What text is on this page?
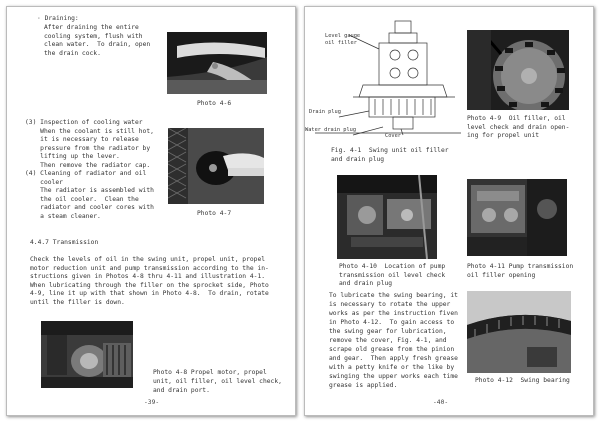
· Draining:
After draining the entire
cooling system, flush with
clean water.  To drain, open
the drain cock.
Photo 4-6
(3) Inspection of cooling water
When the coolant is still hot,
it is necessary to release
pressure from the radiator by
lifting up the lever.
Then remove the radiator cap.
(4) Cleaning of radiator and oil
cooler
The radiator is assembled with
the oil cooler.  Clean the
radiator and cooler cores with
a steam cleaner.	Photo 4-7
4.4.7 Transmission
Check the levels of oil in the swing unit, propel unit, propel
motor reduction unit and pump transmission according to the in-
structions given in Photos 4-8 thru 4-11 and illustration 4-1.
When lubricating through the filler on the sprocket side, Photo
4-9, line it up with that shown in Photo 4-8.  To drain, rotate
until the filler is down.
Photo 4-8 Propel motor, propel
unit, oil filler, oil level check,
and drain port.
-39-
Level gauge
oil filler
Drain plug
Water drain plug
Cover
Fig. 4-1  Swing unit oil filler
and drain plug
Photo 4-9  Oil filler, oil
level check and drain open-
ing for propel unit
Photo 4-10  Location of pump
transmission oil level check
and drain plug
Photo 4-11 Pump transmission
oil filler opening
To lubricate the swing bearing, it
is necessary to rotate the upper
works as per the instruction fiven
in Photo 4-12.  To gain access to
the swing gear for lubrication,
remove the cover, Fig. 4-1, and
scrape old grease from the pinion
and gear.  Then apply fresh grease
with a petty knife or the like by
swinging the upper works each time
grease is applied.
Photo 4-12  Swing bearing
-40-
